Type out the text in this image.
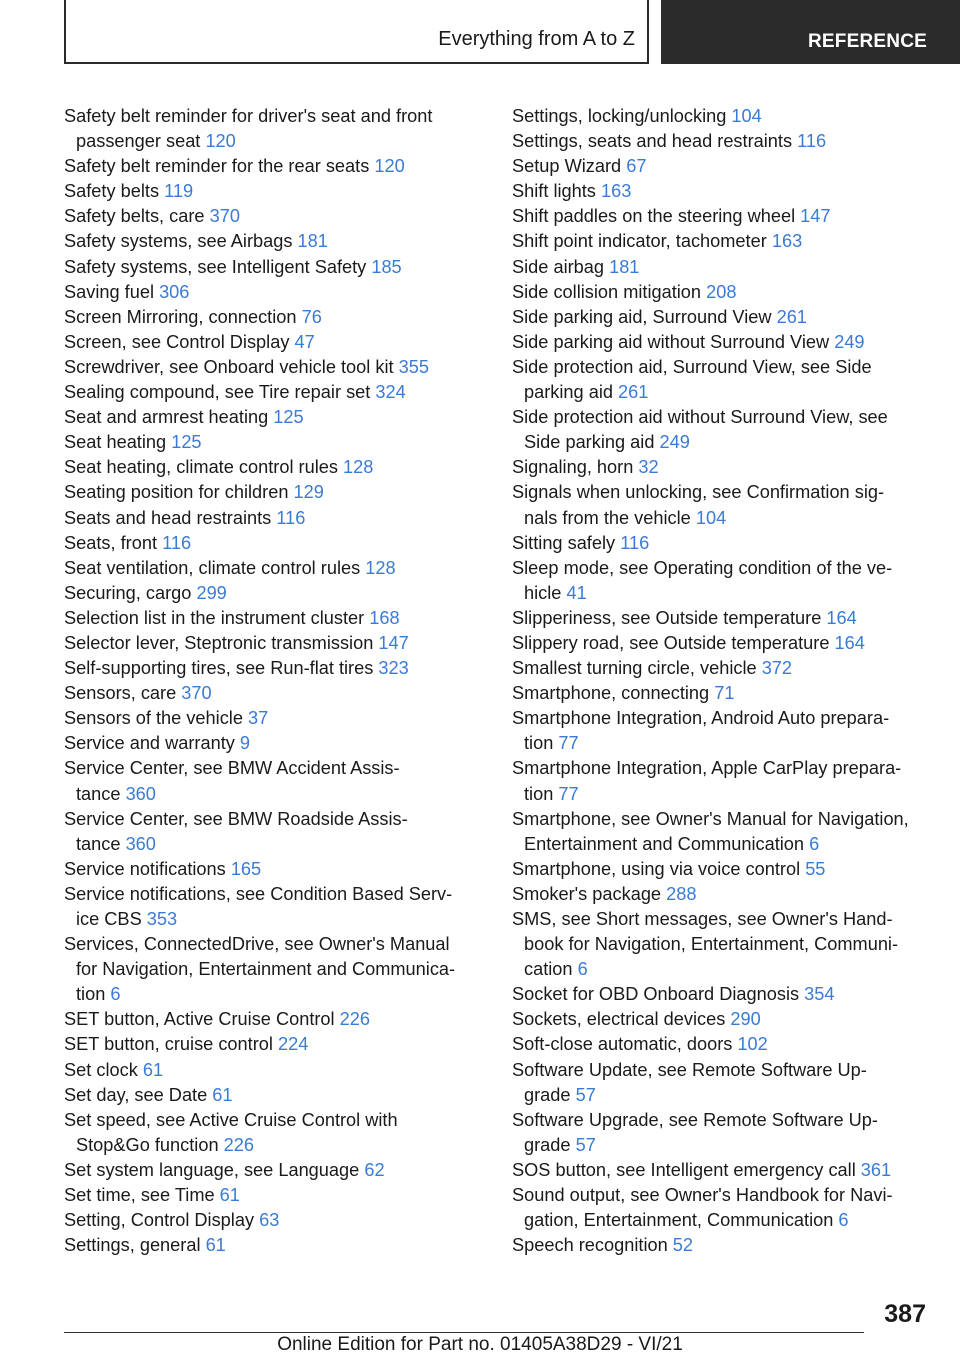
Everything from A to Z	REFERENCE
Safety belt reminder for driver's seat and front
passenger seat 120
Safety belt reminder for the rear seats 120
Safety belts 119
Safety belts, care 370
Safety systems, see Airbags 181
Safety systems, see Intelligent Safety 185
Saving fuel 306
Screen Mirroring, connection 76
Screen, see Control Display 47
Screwdriver, see Onboard vehicle tool kit 355
Sealing compound, see Tire repair set 324
Seat and armrest heating 125
Seat heating 125
Seat heating, climate control rules 128
Seating position for children 129
Seats and head restraints 116
Seats, front 116
Seat ventilation, climate control rules 128
Securing, cargo 299
Selection list in the instrument cluster 168
Selector lever, Steptronic transmission 147
Self-supporting tires, see Run-flat tires 323
Sensors, care 370
Sensors of the vehicle 37
Service and warranty 9
Service Center, see BMW Accident Assis-
tance 360
Service Center, see BMW Roadside Assis-
tance 360
Service notifications 165
Service notifications, see Condition Based Serv-
ice CBS 353
Services, ConnectedDrive, see Owner's Manual
for Navigation, Entertainment and Communica-
tion 6
SET button, Active Cruise Control 226
SET button, cruise control 224
Set clock 61
Set day, see Date 61
Set speed, see Active Cruise Control with
Stop&Go function 226
Set system language, see Language 62
Set time, see Time 61
Setting, Control Display 63
Settings, general 61
Settings, locking/unlocking 104
Settings, seats and head restraints 116
Setup Wizard 67
Shift lights 163
Shift paddles on the steering wheel 147
Shift point indicator, tachometer 163
Side airbag 181
Side collision mitigation 208
Side parking aid, Surround View 261
Side parking aid without Surround View 249
Side protection aid, Surround View, see Side
parking aid 261
Side protection aid without Surround View, see
Side parking aid 249
Signaling, horn 32
Signals when unlocking, see Confirmation sig-
nals from the vehicle 104
Sitting safely 116
Sleep mode, see Operating condition of the ve-
hicle 41
Slipperiness, see Outside temperature 164
Slippery road, see Outside temperature 164
Smallest turning circle, vehicle 372
Smartphone, connecting 71
Smartphone Integration, Android Auto prepara-
tion 77
Smartphone Integration, Apple CarPlay prepara-
tion 77
Smartphone, see Owner's Manual for Navigation,
Entertainment and Communication 6
Smartphone, using via voice control 55
Smoker's package 288
SMS, see Short messages, see Owner's Hand-
book for Navigation, Entertainment, Communi-
cation 6
Socket for OBD Onboard Diagnosis 354
Sockets, electrical devices 290
Soft-close automatic, doors 102
Software Update, see Remote Software Up-
grade 57
Software Upgrade, see Remote Software Up-
grade 57
SOS button, see Intelligent emergency call 361
Sound output, see Owner's Handbook for Navi-
gation, Entertainment, Communication 6
Speech recognition 52
387
Online Edition for Part no. 01405A38D29 - VI/21
